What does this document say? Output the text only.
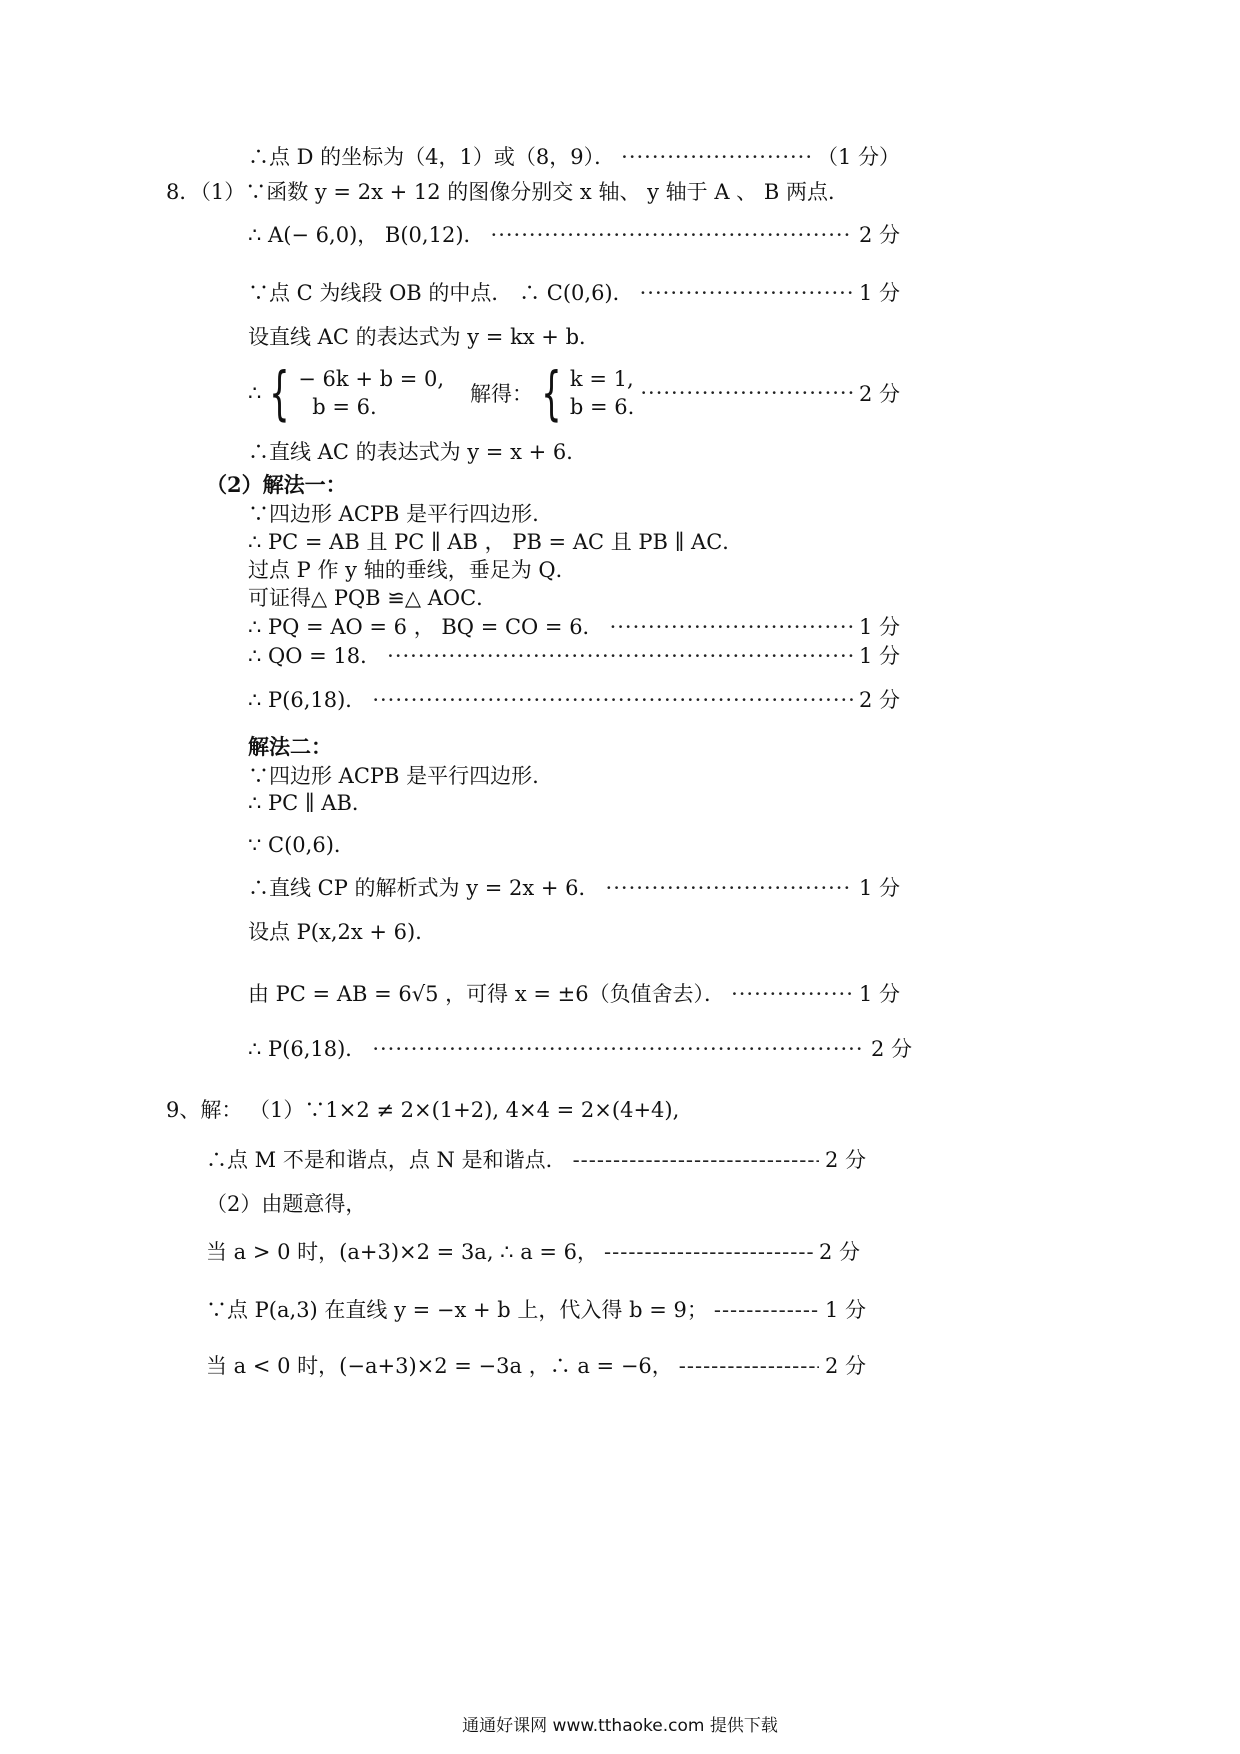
∴点 D 的坐标为（4，1）或（8，9）． ·····	（1 分）
8．（1）∵函数 y = 2x + 12 的图像分别交 x 轴、 y 轴于 A 、 B 两点．
∴ A(− 6,0)， B(0,12)． ·····	2 分
∵点 C 为线段 OB 的中点． ∴ C(0,6)． ·····	1 分
设直线 AC 的表达式为 y = kx + b．
∴ { − 6k + b = 0,
b = 6.
解得： { k = 1,
b = 6.
·····
2 分
∴直线 AC 的表达式为 y = x + 6．
（2）解法一：
∵四边形 ACPB 是平行四边形.
∴ PC = AB 且 PC ∥ AB ， PB = AC 且 PB ∥ AC．
过点 P 作 y 轴的垂线，垂足为 Q．
可证得△ PQB ≌△ AOC．
∴ PQ = AO = 6 ， BQ = CO = 6． ·····	1 分
∴ QO = 18． ·····	1 分
∴ P(6,18)． ·····	2 分
解法二：
∵四边形 ACPB 是平行四边形.
∴ PC ∥ AB．
∵ C(0,6)．
∴直线 CP 的解析式为 y = 2x + 6． ·····	1 分
设点 P(x,2x + 6)．
由 PC = AB = 6√5 ，可得 x = ±6（负值舍去）． ·····	1 分
∴ P(6,18)． ·····	2 分
9、解： （1）∵1×2 ≠ 2×(1+2), 4×4 = 2×(4+4),
∴点 M 不是和谐点，点 N 是和谐点． -----	2 分
（2）由题意得，
当 a > 0 时，(a+3)×2 = 3a, ∴ a = 6， -----	2 分
∵点 P(a,3) 在直线 y = −x + b 上，代入得 b = 9； -----	1 分
当 a < 0 时，(−a+3)×2 = −3a ，∴ a = −6， -----	2 分
通通好课网 www.tthaoke.com 提供下载
